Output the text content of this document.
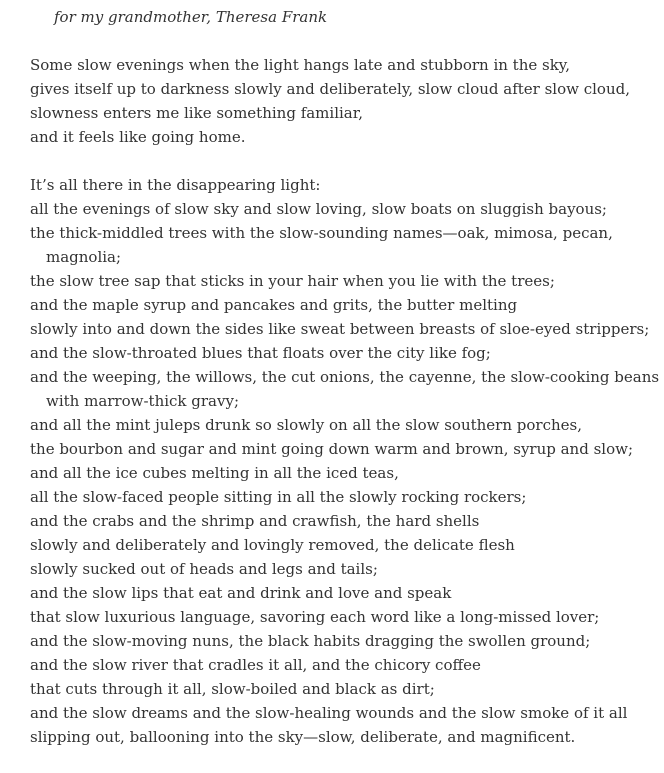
for my grandmother, Theresa Frank
Some slow evenings when the light hangs late and stubborn in the sky,
gives itself up to darkness slowly and deliberately, slow cloud after slow cloud,
slowness enters me like something familiar,
and it feels like going home.
It’s all there in the disappearing light:
all the evenings of slow sky and slow loving, slow boats on sluggish bayous;
the thick-middled trees with the slow-sounding names—oak, mimosa, pecan, magnolia;
the slow tree sap that sticks in your hair when you lie with the trees;
and the maple syrup and pancakes and grits, the butter melting
slowly into and down the sides like sweat between breasts of sloe-eyed strippers;
and the slow-throated blues that floats over the city like fog;
and the weeping, the willows, the cut onions, the cayenne, the slow-cooking beans with marrow-thick gravy;
and all the mint juleps drunk so slowly on all the slow southern porches,
the bourbon and sugar and mint going down warm and brown, syrup and slow;
and all the ice cubes melting in all the iced teas,
all the slow-faced people sitting in all the slowly rocking rockers;
and the crabs and the shrimp and crawfish, the hard shells
slowly and deliberately and lovingly removed, the delicate flesh
slowly sucked out of heads and legs and tails;
and the slow lips that eat and drink and love and speak
that slow luxurious language, savoring each word like a long-missed lover;
and the slow-moving nuns, the black habits dragging the swollen ground;
and the slow river that cradles it all, and the chicory coffee
that cuts through it all, slow-boiled and black as dirt;
and the slow dreams and the slow-healing wounds and the slow smoke of it all
slipping out, ballooning into the sky—slow, deliberate, and magnificent.
